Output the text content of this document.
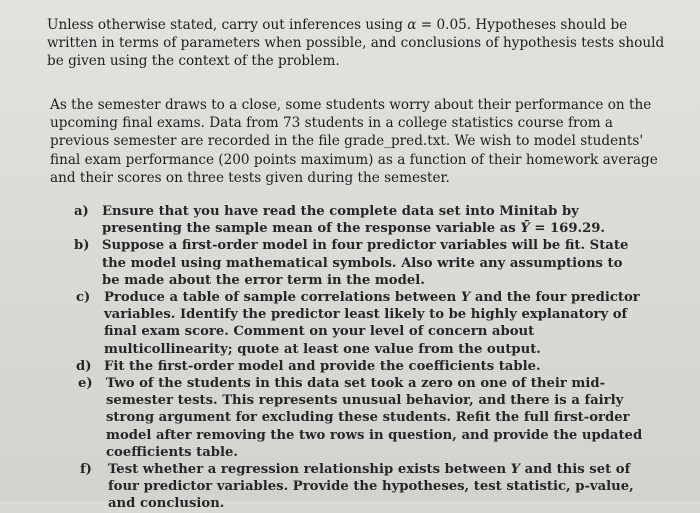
Unless otherwise stated, carry out inferences using α = 0.05. Hypotheses should be written in terms of parameters when possible, and conclusions of hypothesis tests should be given using the context of the problem.

As the semester draws to a close, some students worry about their performance on the upcoming final exams. Data from 73 students in a college statistics course from a previous semester are recorded in the file grade_pred.txt. We wish to model students' final exam performance (200 points maximum) as a function of their homework average and their scores on three tests given during the semester.

a) Ensure that you have read the complete data set into Minitab by presenting the sample mean of the response variable as Ȳ = 169.29.

b) Suppose a first-order model in four predictor variables will be fit. State the model using mathematical symbols. Also write any assumptions to be made about the error term in the model.

c) Produce a table of sample correlations between Y and the four predictor variables. Identify the predictor least likely to be highly explanatory of final exam score. Comment on your level of concern about multicollinearity; quote at least one value from the output.

d) Fit the first-order model and provide the coefficients table.

e) Two of the students in this data set took a zero on one of their mid-semester tests. This represents unusual behavior, and there is a fairly strong argument for excluding these students. Refit the full first-order model after removing the two rows in question, and provide the updated coefficients table.

f) Test whether a regression relationship exists between Y and this set of four predictor variables. Provide the hypotheses, test statistic, p-value, and conclusion.
